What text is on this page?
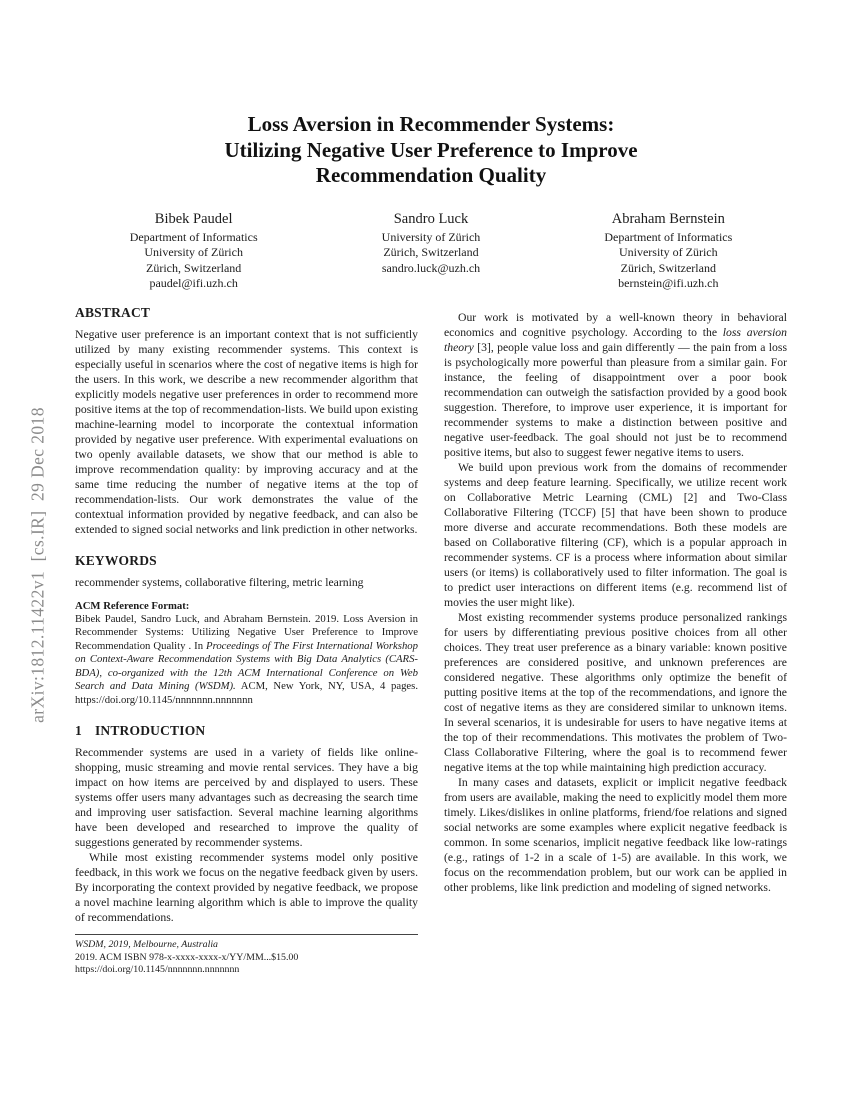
arXiv:1812.11422v1  [cs.IR]  29 Dec 2018
Loss Aversion in Recommender Systems:
Utilizing Negative User Preference to Improve
Recommendation Quality
Bibek Paudel
Department of Informatics
University of Zürich
Zürich, Switzerland
paudel@ifi.uzh.ch
Sandro Luck
University of Zürich
Zürich, Switzerland
sandro.luck@uzh.ch
Abraham Bernstein
Department of Informatics
University of Zürich
Zürich, Switzerland
bernstein@ifi.uzh.ch
ABSTRACT

Negative user preference is an important context that is not sufficiently utilized by many existing recommender systems. This context is especially useful in scenarios where the cost of negative items is high for the users. In this work, we describe a new recommender algorithm that explicitly models negative user preferences in order to recommend more positive items at the top of recommendation-lists. We build upon existing machine-learning model to incorporate the contextual information provided by negative user preference. With experimental evaluations on two openly available datasets, we show that our method is able to improve recommendation quality: by improving accuracy and at the same time reducing the number of negative items at the top of recommendation-lists. Our work demonstrates the value of the contextual information provided by negative feedback, and can also be extended to signed social networks and link prediction in other networks.

KEYWORDS

recommender systems, collaborative filtering, metric learning

ACM Reference Format:

Bibek Paudel, Sandro Luck, and Abraham Bernstein. 2019. Loss Aversion in Recommender Systems: Utilizing Negative User Preference to Improve Recommendation Quality . In Proceedings of The First International Workshop on Context-Aware Recommendation Systems with Big Data Analytics (CARS-BDA), co-organized with the 12th ACM International Conference on Web Search and Data Mining (WSDM). ACM, New York, NY, USA, 4 pages. https://doi.org/10.1145/nnnnnnn.nnnnnnn

1 INTRODUCTION

Recommender systems are used in a variety of fields like online-shopping, music streaming and movie rental services. They have a big impact on how items are perceived by and displayed to users. These systems offer users many advantages such as decreasing the search time and improving user satisfaction. Several machine learning algorithms have been developed and researched to improve the quality of suggestions generated by recommender systems.

While most existing recommender systems model only positive feedback, in this work we focus on the negative feedback given by users. By incorporating the context provided by negative feedback, we propose a novel machine learning algorithm which is able to improve the quality of recommendations.

WSDM, 2019, Melbourne, Australia
2019. ACM ISBN 978-x-xxxx-xxxx-x/YY/MM...$15.00
https://doi.org/10.1145/nnnnnnn.nnnnnnn

Our work is motivated by a well-known theory in behavioral economics and cognitive psychology. According to the loss aversion theory [3], people value loss and gain differently — the pain from a loss is psychologically more powerful than pleasure from a similar gain. For instance, the feeling of disappointment over a poor book recommendation can outweigh the satisfaction provided by a good book suggestion. Therefore, to improve user experience, it is important for recommender systems to make a distinction between positive and negative user-feedback. The goal should not just be to recommend positive items, but also to suggest fewer negative items to users.

We build upon previous work from the domains of recommender systems and deep feature learning. Specifically, we utilize recent work on Collaborative Metric Learning (CML) [2] and Two-Class Collaborative Filtering (TCCF) [5] that have been shown to produce more diverse and accurate recommendations. Both these models are based on Collaborative filtering (CF), which is a popular approach in recommender systems. CF is a process where information about similar users (or items) is collaboratively used to filter information. The goal is to predict user interactions on different items (e.g. recommend list of movies the user might like).

Most existing recommender systems produce personalized rankings for users by differentiating previous positive choices from all other choices. They treat user preference as a binary variable: known positive preferences are considered positive, and unknown preferences are considered negative. These algorithms only optimize the benefit of putting positive items at the top of the recommendations, and ignore the cost of negative items as they are considered similar to unknown items. In several scenarios, it is undesirable for users to have negative items at the top of their recommendations. This motivates the problem of Two-Class Collaborative Filtering, where the goal is to recommend fewer negative items at the top while maintaining high prediction accuracy.

In many cases and datasets, explicit or implicit negative feedback from users are available, making the need to explicitly model them more timely. Likes/dislikes in online platforms, friend/foe relations and signed social networks are some examples where explicit negative feedback is common. In some scenarios, implicit negative feedback like low-ratings (e.g., ratings of 1-2 in a scale of 1-5) are available. In this work, we focus on the recommendation problem, but our work can be applied in other problems, like link prediction and modeling of signed networks.
